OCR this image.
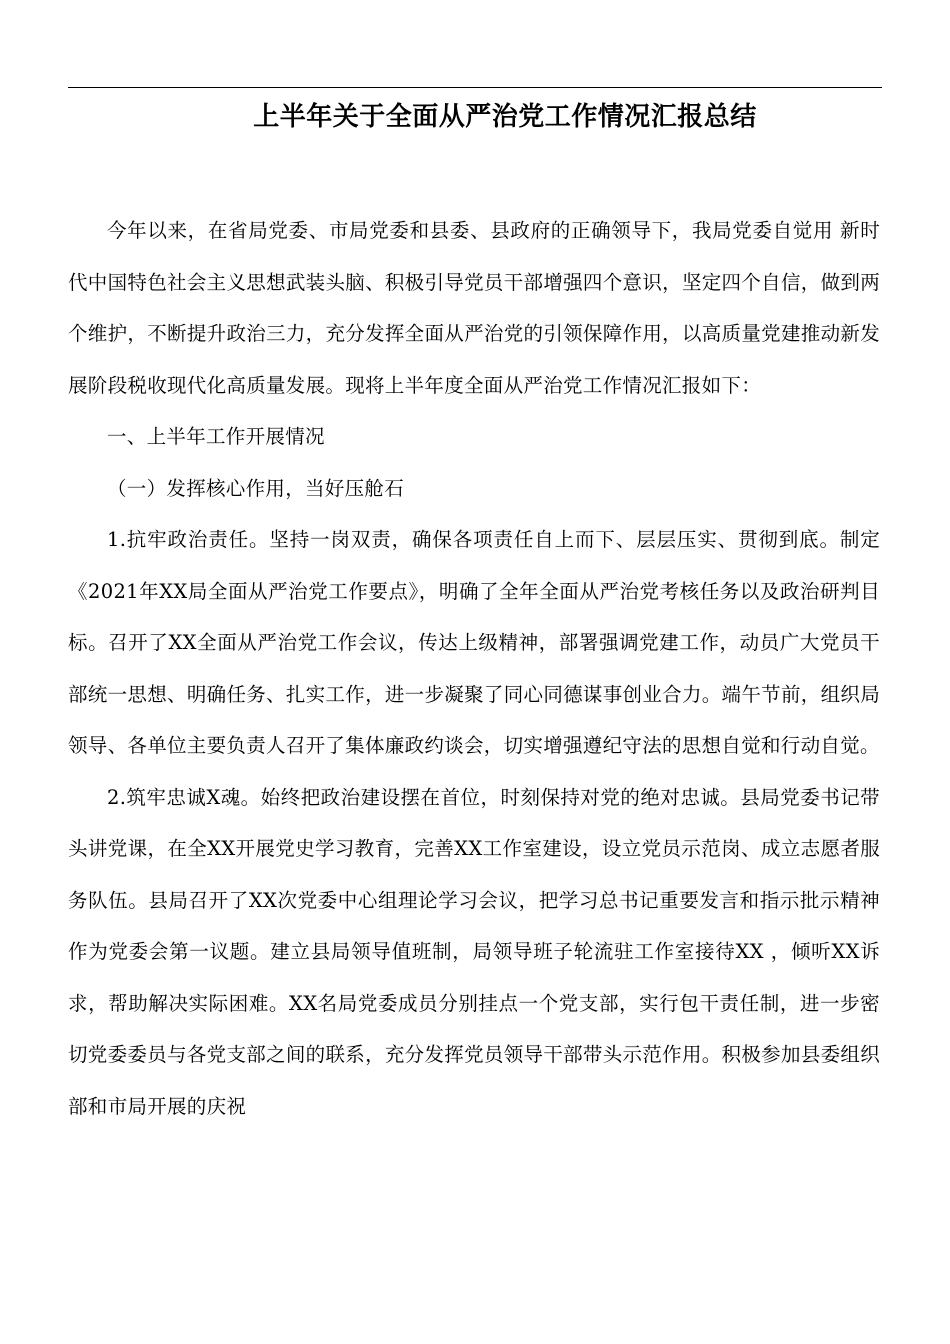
上半年关于全面从严治党工作情况汇报总结

今年以来，在省局党委、市局党委和县委、县政府的正确领导下，我局党委自觉用 新时代中国特色社会主义思想武装头脑、积极引导党员干部增强四个意识，坚定四个自信，做到两个维护，不断提升政治三力，充分发挥全面从严治党的引领保障作用，以高质量党建推动新发展阶段税收现代化高质量发展。现将上半年度全面从严治党工作情况汇报如下：

一、上半年工作开展情况

（一）发挥核心作用，当好压舱石

1.抗牢政治责任。坚持一岗双责，确保各项责任自上而下、层层压实、贯彻到底。制定《2021年XX局全面从严治党工作要点》，明确了全年全面从严治党考核任务以及政治研判目标。召开了XX全面从严治党工作会议，传达上级精神，部署强调党建工作，动员广大党员干部统一思想、明确任务、扎实工作，进一步凝聚了同心同德谋事创业合力。端午节前，组织局领导、各单位主要负责人召开了集体廉政约谈会，切实增强遵纪守法的思想自觉和行动自觉。

2.筑牢忠诚X魂。始终把政治建设摆在首位，时刻保持对党的绝对忠诚。县局党委书记带头讲党课，在全XX开展党史学习教育，完善XX工作室建设，设立党员示范岗、成立志愿者服务队伍。县局召开了XX次党委中心组理论学习会议，把学习总书记重要发言和指示批示精神作为党委会第一议题。建立县局领导值班制，局领导班子轮流驻工作室接待XX ，倾听XX诉求，帮助解决实际困难。XX名局党委成员分别挂点一个党支部，实行包干责任制，进一步密切党委委员与各党支部之间的联系，充分发挥党员领导干部带头示范作用。积极参加县委组织部和市局开展的庆祝
